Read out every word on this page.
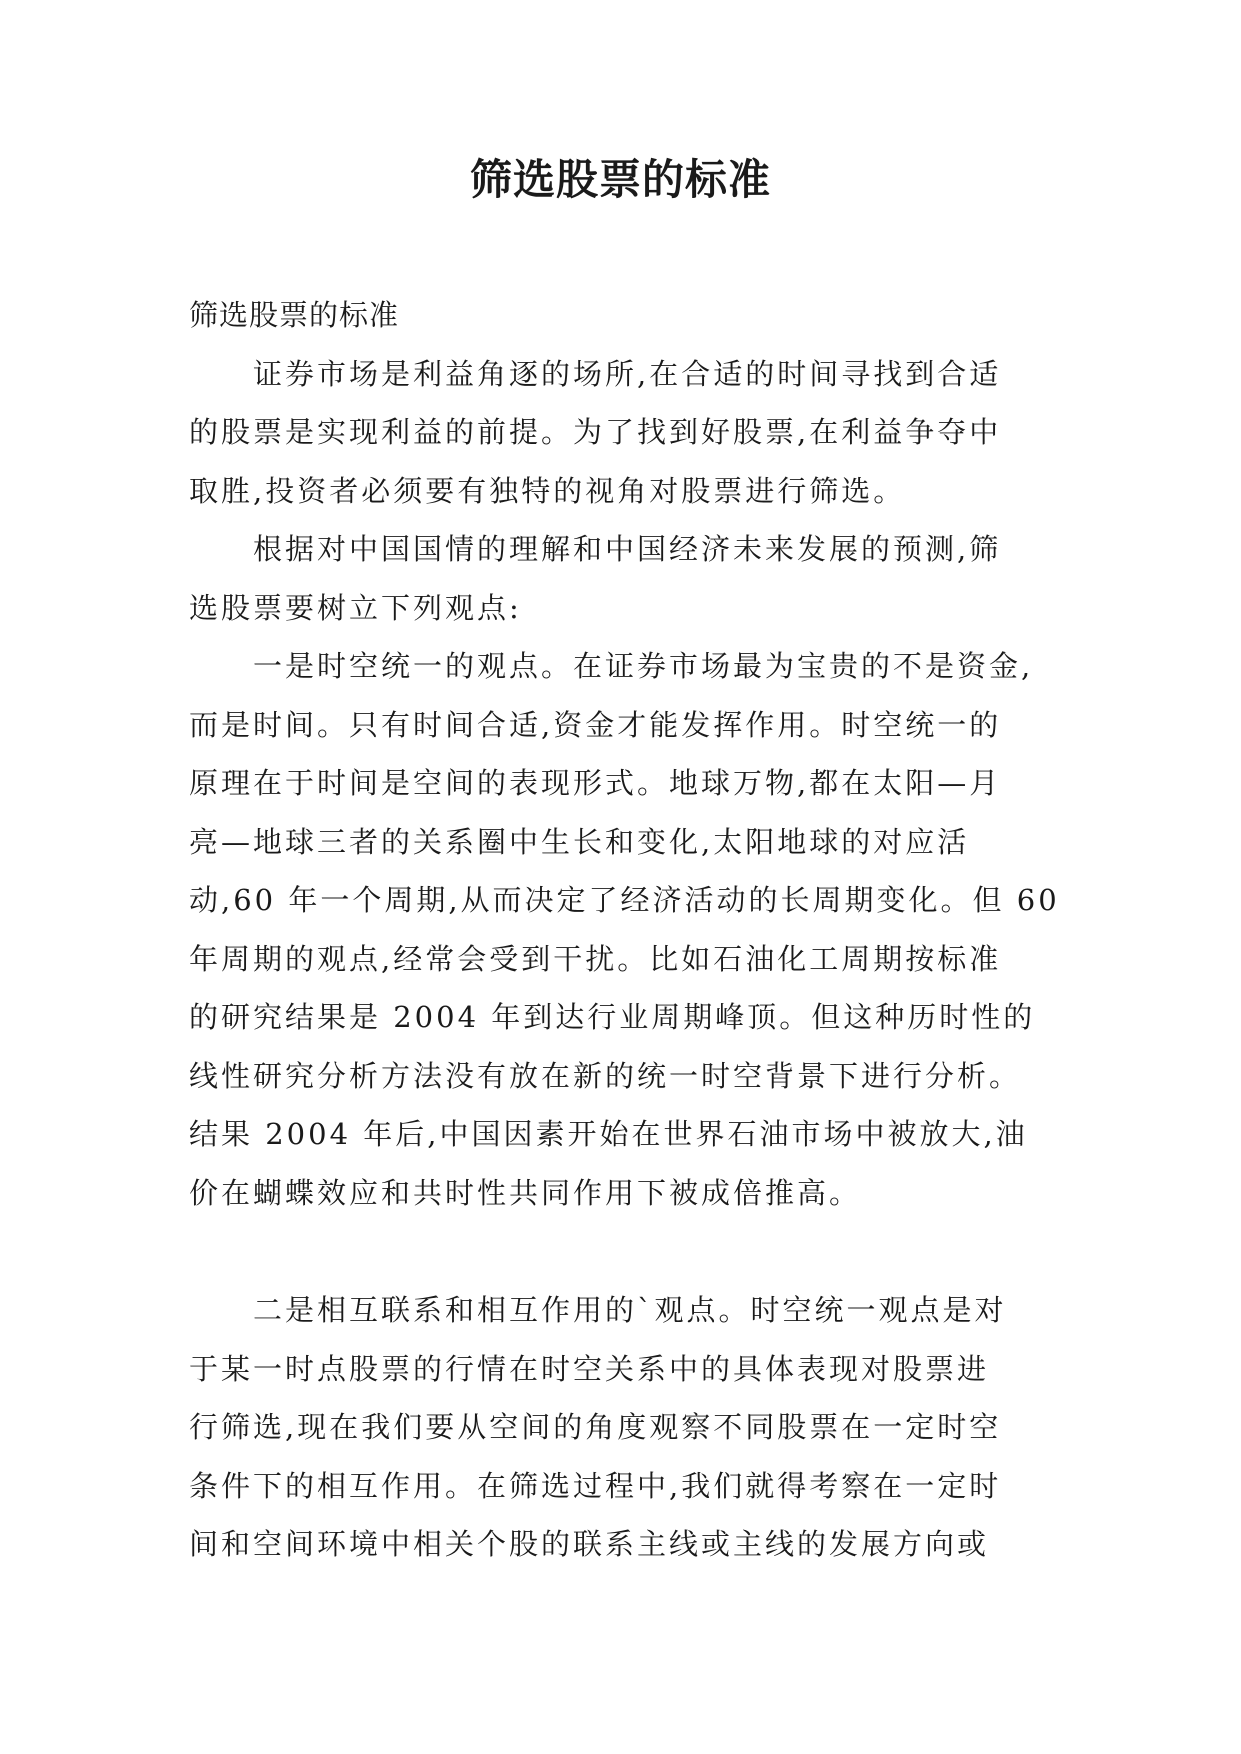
筛选股票的标准
筛选股票的标准
　　证券市场是利益角逐的场所,在合适的时间寻找到合适
的股票是实现利益的前提。为了找到好股票,在利益争夺中
取胜,投资者必须要有独特的视角对股票进行筛选。
　　根据对中国国情的理解和中国经济未来发展的预测,筛
选股票要树立下列观点:
　　一是时空统一的观点。在证券市场最为宝贵的不是资金,
而是时间。只有时间合适,资金才能发挥作用。时空统一的
原理在于时间是空间的表现形式。地球万物,都在太阳—月
亮—地球三者的关系圈中生长和变化,太阳地球的对应活
动,60 年一个周期,从而决定了经济活动的长周期变化。但 60
年周期的观点,经常会受到干扰。比如石油化工周期按标准
的研究结果是 2004 年到达行业周期峰顶。但这种历时性的
线性研究分析方法没有放在新的统一时空背景下进行分析。
结果 2004 年后,中国因素开始在世界石油市场中被放大,油
价在蝴蝶效应和共时性共同作用下被成倍推高。
　　二是相互联系和相互作用的`观点。时空统一观点是对
于某一时点股票的行情在时空关系中的具体表现对股票进
行筛选,现在我们要从空间的角度观察不同股票在一定时空
条件下的相互作用。在筛选过程中,我们就得考察在一定时
间和空间环境中相关个股的联系主线或主线的发展方向或
